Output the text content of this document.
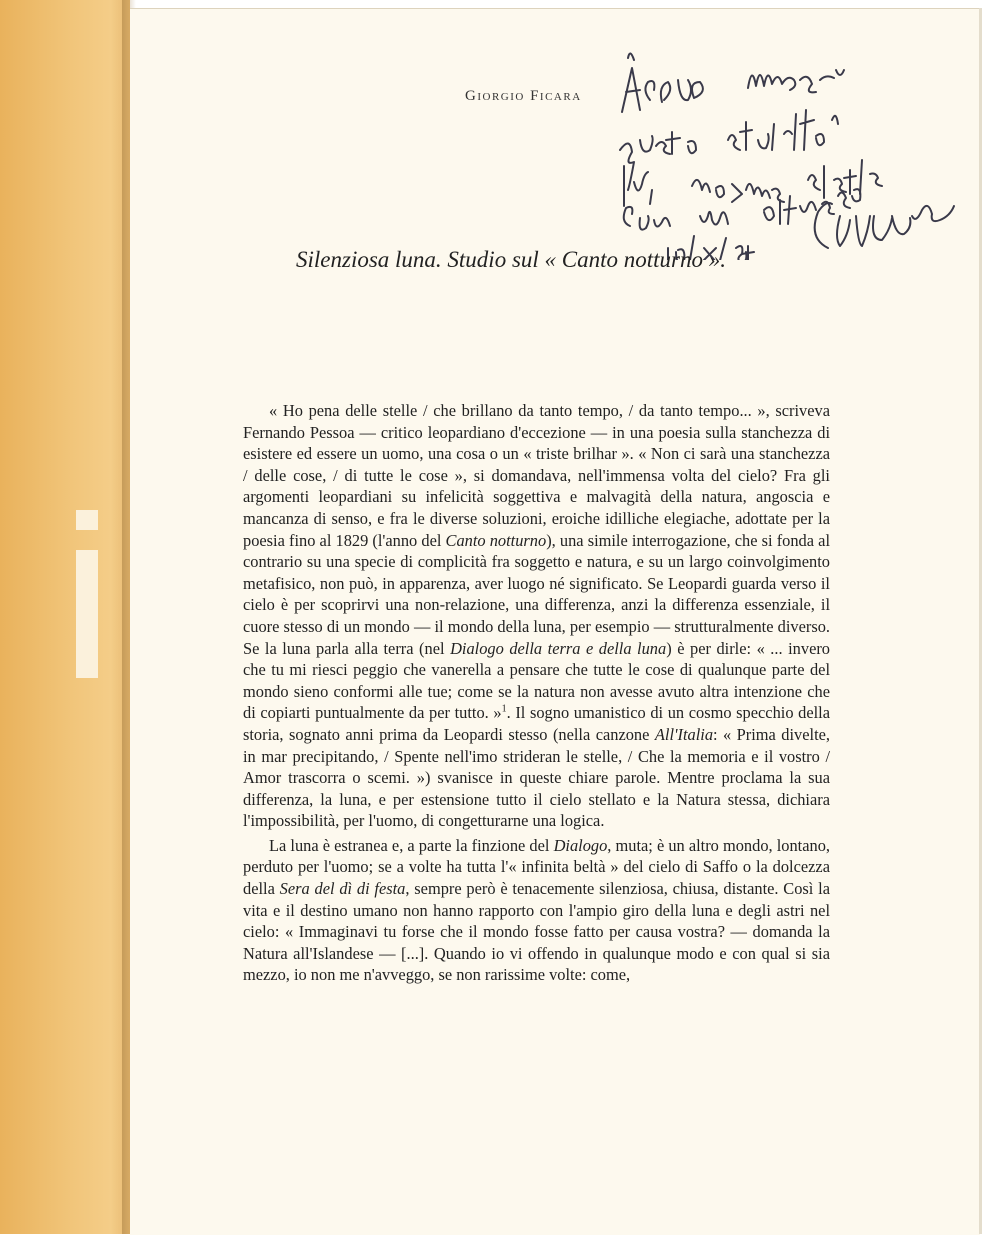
Giorgio Ficara
Silenziosa luna. Studio sul « Canto notturno ».

« Ho pena delle stelle / che brillano da tanto tempo, / da tanto tempo... », scriveva Fernando Pessoa — critico leopardiano d'eccezione — in una poesia sulla stanchezza di esistere ed essere un uomo, una cosa o un « triste brilhar ». « Non ci sarà una stanchezza / delle cose, / di tutte le cose », si domandava, nell'immensa volta del cielo? Fra gli argomenti leopardiani su infelicità soggettiva e malvagità della natura, angoscia e mancanza di senso, e fra le diverse soluzioni, eroiche idilliche elegiache, adottate per la poesia fino al 1829 (l'anno del Canto notturno), una simile interrogazione, che si fonda al contrario su una specie di complicità fra soggetto e natura, e su un largo coinvolgimento metafisico, non può, in apparenza, aver luogo né significato. Se Leopardi guarda verso il cielo è per scoprirvi una non-relazione, una differenza, anzi la differenza essenziale, il cuore stesso di un mondo — il mondo della luna, per esempio — strutturalmente diverso. Se la luna parla alla terra (nel Dialogo della terra e della luna) è per dirle: « ... invero che tu mi riesci peggio che vanerella a pensare che tutte le cose di qualunque parte del mondo sieno conformi alle tue; come se la natura non avesse avuto altra intenzione che di copiarti puntualmente da per tutto. »$^1$. Il sogno umanistico di un cosmo specchio della storia, sognato anni prima da Leopardi stesso (nella canzone All'Italia: « Prima divelte, in mar precipitando, / Spente nell'imo strideran le stelle, / Che la memoria e il vostro / Amor trascorra o scemi. ») svanisce in queste chiare parole. Mentre proclama la sua differenza, la luna, e per estensione tutto il cielo stellato e la Natura stessa, dichiara l'impossibilità, per l'uomo, di congetturarne una logica.

La luna è estranea e, a parte la finzione del Dialogo, muta; è un altro mondo, lontano, perduto per l'uomo; se a volte ha tutta l'« infinita beltà » del cielo di Saffo o la dolcezza della Sera del dì di festa, sempre però è tenacemente silenziosa, chiusa, distante. Così la vita e il destino umano non hanno rapporto con l'ampio giro della luna e degli astri nel cielo: « Immaginavi tu forse che il mondo fosse fatto per causa vostra? — domanda la Natura all'Islandese — [...]. Quando io vi offendo in qualunque modo e con qual si sia mezzo, io non me n'avveggo, se non rarissime volte: come,
